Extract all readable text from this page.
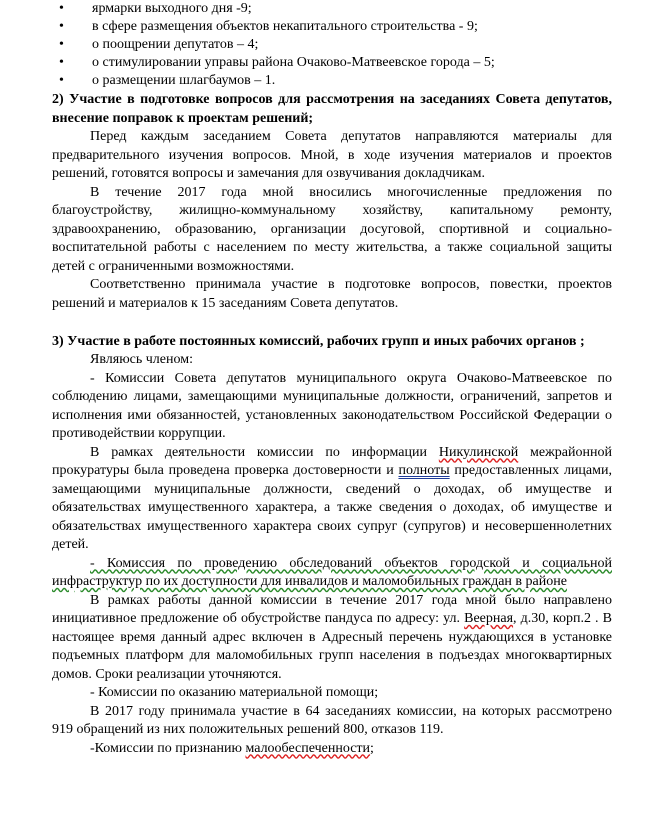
•	ярмарки выходного дня -9;
•	в сфере размещения объектов некапитального строительства - 9;
•	о поощрении депутатов – 4;
•	о стимулировании управы района Очаково-Матвеевское города – 5;
•	о размещении шлагбаумов – 1.
2) Участие в подготовке вопросов для рассмотрения на заседаниях Совета депутатов, внесение поправок к проектам решений;

Перед каждым заседанием Совета депутатов направляются материалы для предварительного изучения вопросов. Мной, в ходе изучения материалов и проектов решений, готовятся вопросы и замечания для озвучивания докладчикам.

В течение 2017 года мной вносились многочисленные предложения по благоустройству, жилищно-коммунальному хозяйству, капитальному ремонту, здравоохранению, образованию, организации досуговой, спортивной и социально-воспитательной работы с населением по месту жительства, а также социальной защиты детей с ограниченными возможностями.

Соответственно принимала участие в подготовке вопросов, повестки, проектов решений и материалов к 15 заседаниям Совета депутатов.

3) Участие в работе постоянных комиссий, рабочих групп и иных рабочих органов ;

Являюсь членом:

- Комиссии Совета депутатов муниципального округа Очаково-Матвеевское по соблюдению лицами, замещающими муниципальные должности, ограничений, запретов и исполнения ими обязанностей, установленных законодательством Российской Федерации о противодействии коррупции.

В рамках деятельности комиссии по информации Никулинской межрайонной прокуратуры была проведена проверка достоверности и полноты предоставленных лицами, замещающими муниципальные должности, сведений о доходах, об имуществе и обязательствах имущественного характера, а также сведения о доходах, об имуществе и обязательствах имущественного характера своих супруг (супругов) и несовершеннолетних детей.

- Комиссия по проведению обследований объектов городской и социальной инфраструктур по их доступности для инвалидов и маломобильных граждан в районе

В рамках работы данной комиссии в течение 2017 года мной было направлено инициативное предложение об обустройстве пандуса по адресу: ул. Веерная, д.30, корп.2 . В настоящее время данный адрес включен в Адресный перечень нуждающихся в установке подъемных платформ для маломобильных групп населения в подъездах многоквартирных домов. Сроки реализации уточняются.

- Комиссии по оказанию материальной помощи;

В 2017 году принимала участие в 64 заседаниях комиссии, на которых рассмотрено 919 обращений из них положительных решений 800, отказов 119.

-Комиссии по признанию малообеспеченности;
